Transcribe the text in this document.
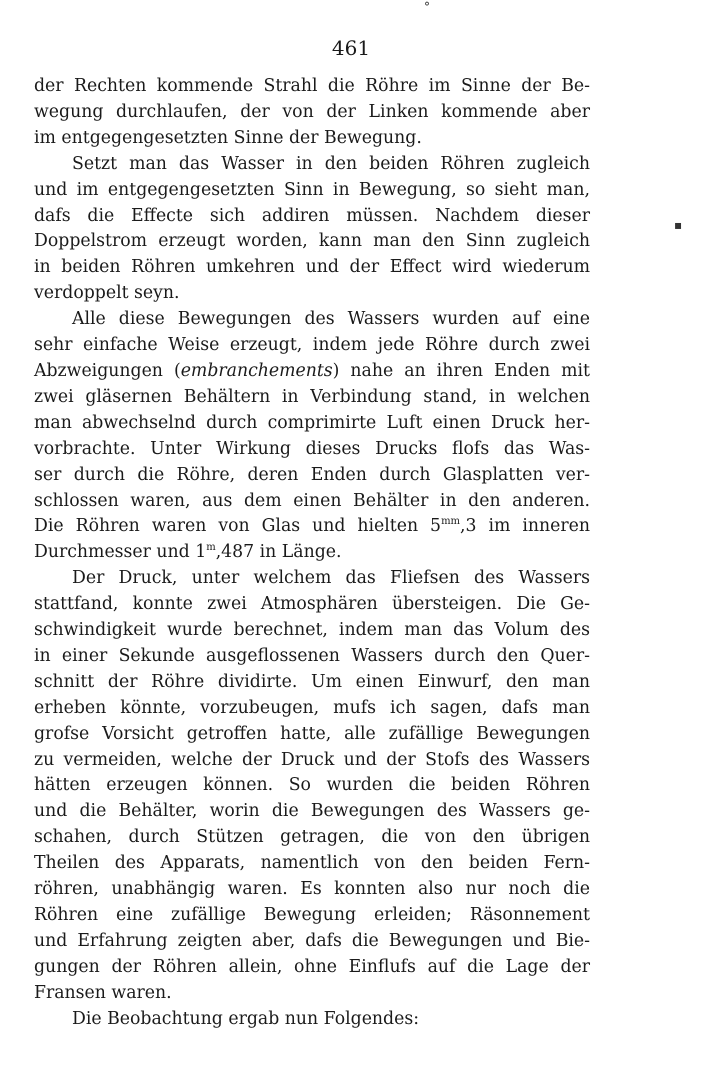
°
▪
461
der Rechten kommende Strahl die Röhre im Sinne der Be-
wegung durchlaufen, der von der Linken kommende aber
im entgegengesetzten Sinne der Bewegung.
Setzt man das Wasser in den beiden Röhren zugleich
und im entgegengesetzten Sinn in Bewegung, so sieht man,
dafs die Effecte sich addiren müssen. Nachdem dieser
Doppelstrom erzeugt worden, kann man den Sinn zugleich
in beiden Röhren umkehren und der Effect wird wiederum
verdoppelt seyn.
Alle diese Bewegungen des Wassers wurden auf eine
sehr einfache Weise erzeugt, indem jede Röhre durch zwei
Abzweigungen (embranchements) nahe an ihren Enden mit
zwei gläsernen Behältern in Verbindung stand, in welchen
man abwechselnd durch comprimirte Luft einen Druck her-
vorbrachte. Unter Wirkung dieses Drucks flofs das Was-
ser durch die Röhre, deren Enden durch Glasplatten ver-
schlossen waren, aus dem einen Behälter in den anderen.
Die Röhren waren von Glas und hielten $5^{mm},3$ im inneren
Durchmesser und 1$^m$,487 in Länge.
Der Druck, unter welchem das Fliefsen des Wassers
stattfand, konnte zwei Atmosphären übersteigen. Die Ge-
schwindigkeit wurde berechnet, indem man das Volum des
in einer Sekunde ausgeflossenen Wassers durch den Quer-
schnitt der Röhre dividirte. Um einen Einwurf, den man
erheben könnte, vorzubeugen, mufs ich sagen, dafs man
grofse Vorsicht getroffen hatte, alle zufällige Bewegungen
zu vermeiden, welche der Druck und der Stofs des Wassers
hätten erzeugen können. So wurden die beiden Röhren
und die Behälter, worin die Bewegungen des Wassers ge-
schahen, durch Stützen getragen, die von den übrigen
Theilen des Apparats, namentlich von den beiden Fern-
röhren, unabhängig waren. Es konnten also nur noch die
Röhren eine zufällige Bewegung erleiden; Räsonnement
und Erfahrung zeigten aber, dafs die Bewegungen und Bie-
gungen der Röhren allein, ohne Einflufs auf die Lage der
Fransen waren.
Die Beobachtung ergab nun Folgendes:
